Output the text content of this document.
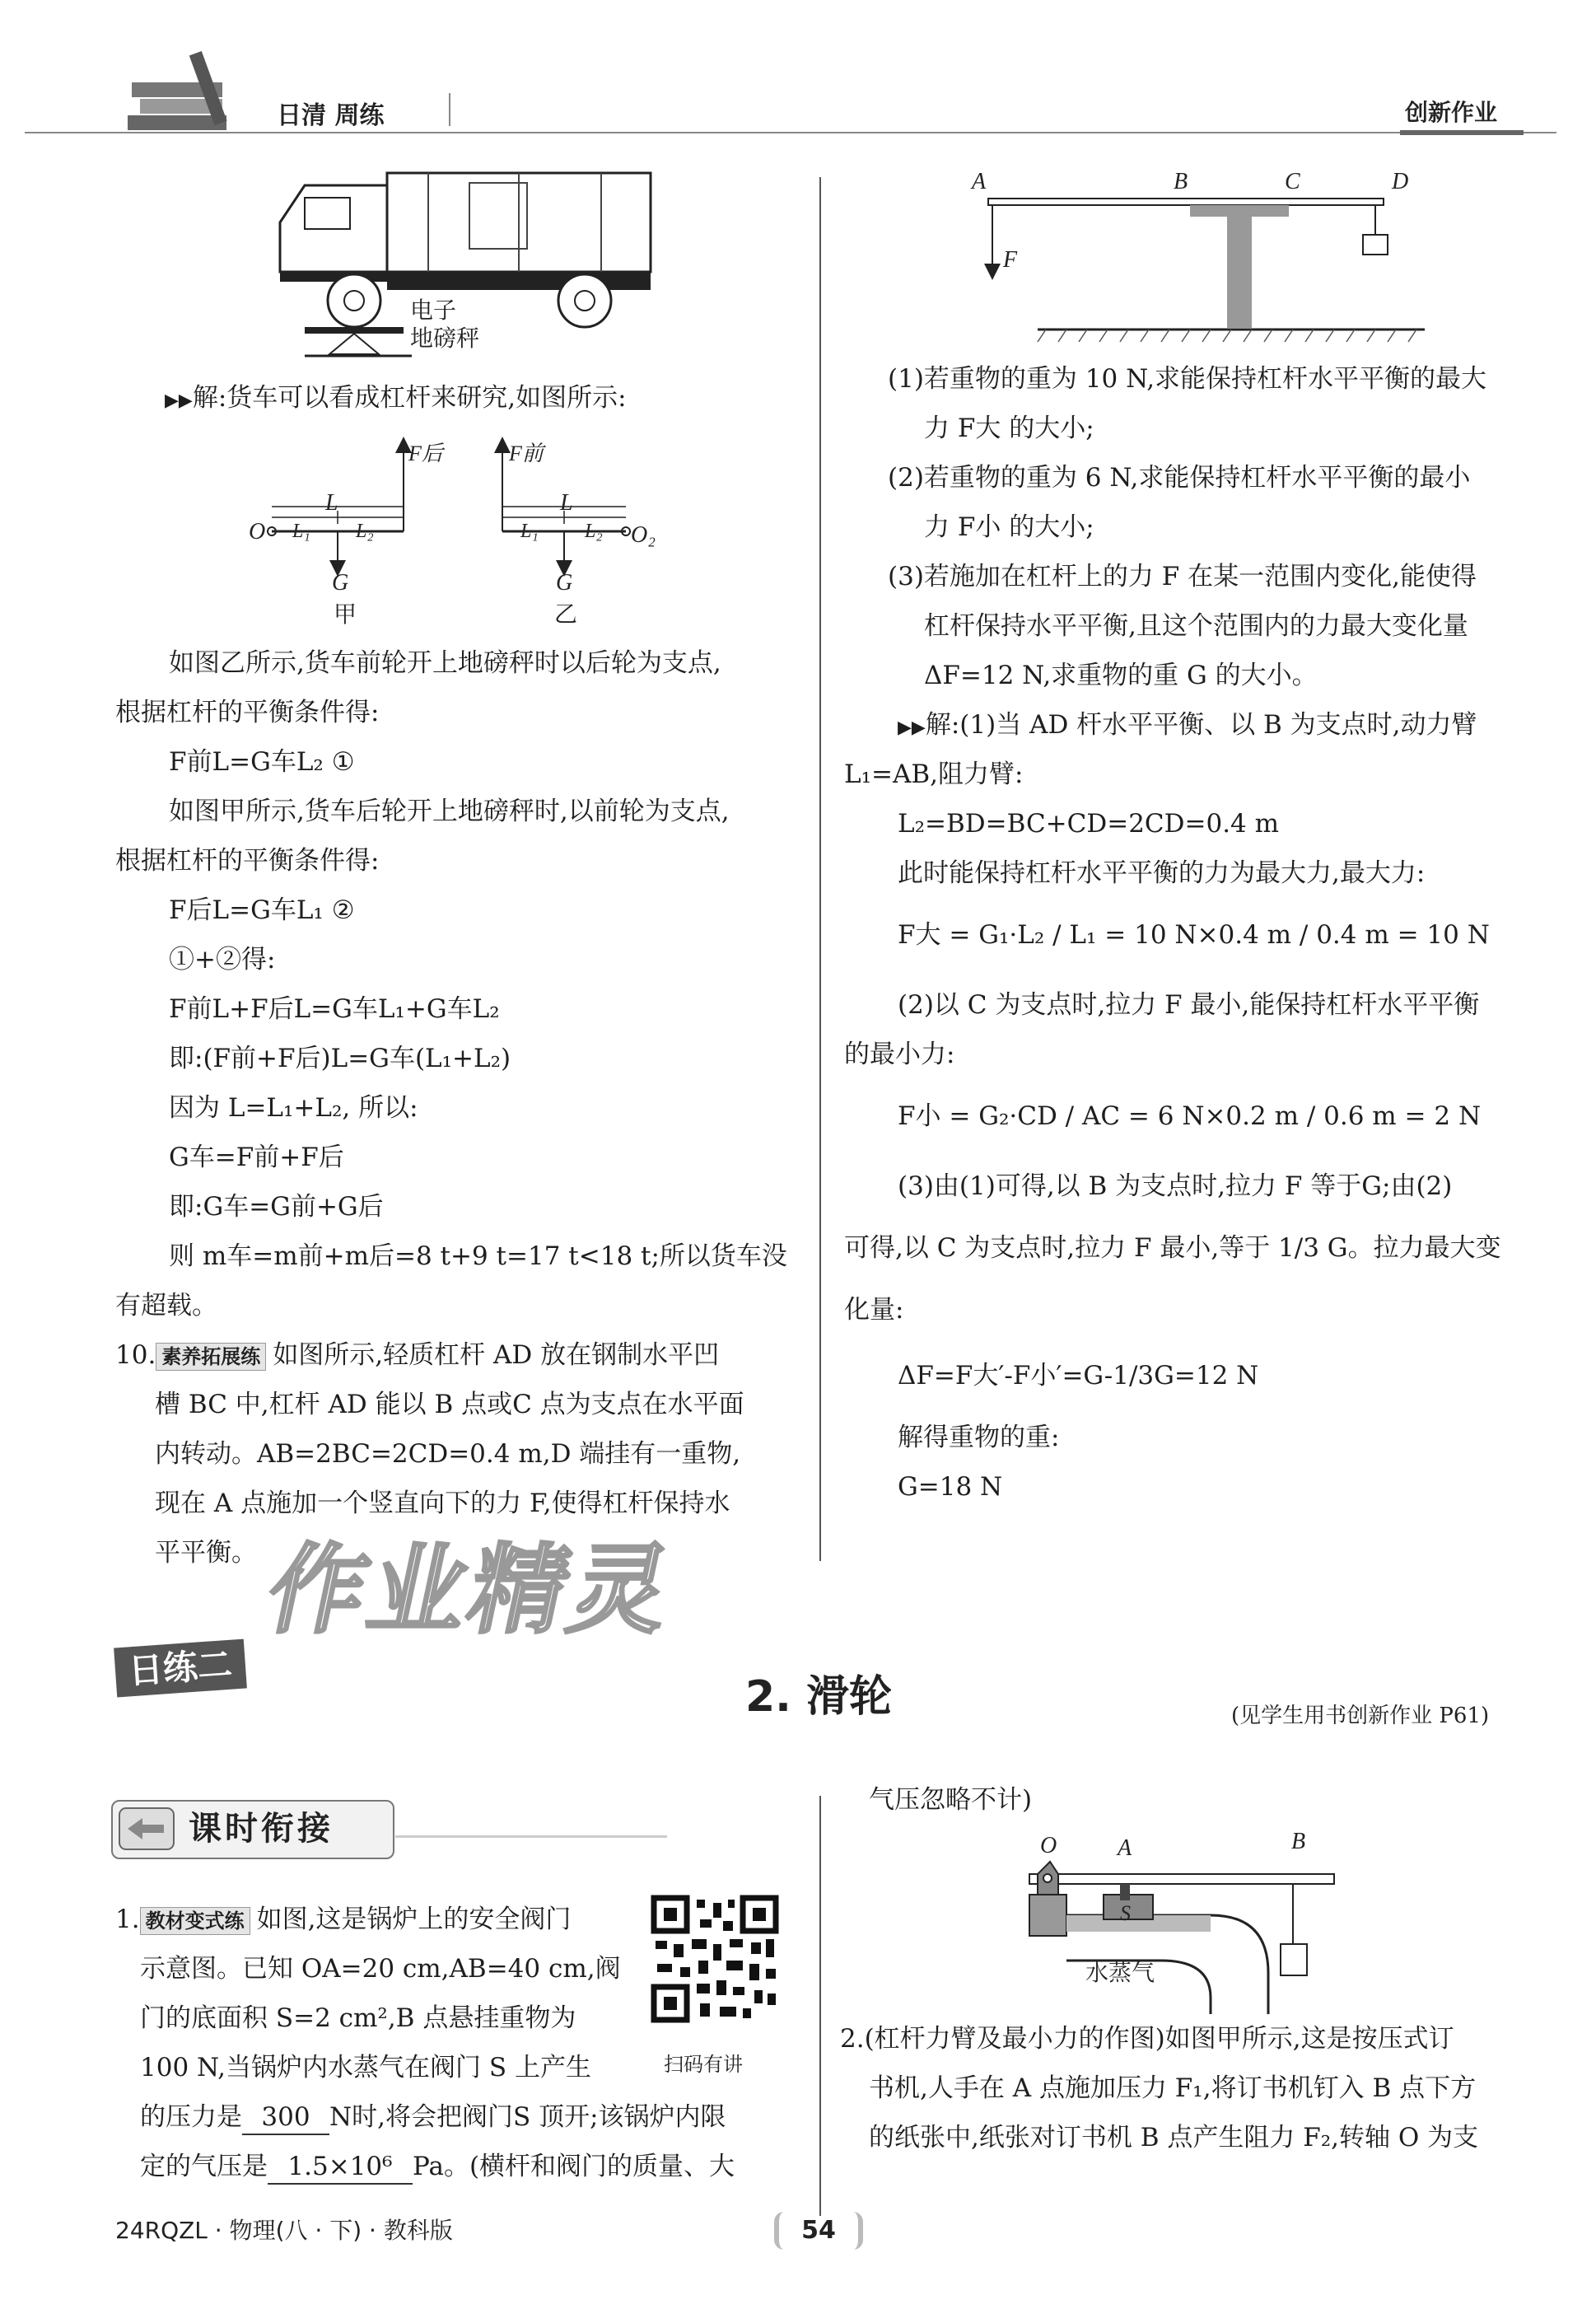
日清 周练	创新作业
电子
地磅秤
▶▶解:货车可以看成杠杆来研究,如图所示:
F后	F前
O
L
L₁ L₂
G
甲
L
L₁ L₂ O₂
G
乙
如图乙所示,货车前轮开上地磅秤时以后轮为支点,
根据杠杆的平衡条件得:
F前L=G车L₂ ①
如图甲所示,货车后轮开上地磅秤时,以前轮为支点,
根据杠杆的平衡条件得:
F后L=G车L₁ ②
①+②得:
F前L+F后L=G车L₁+G车L₂
即:(F前+F后)L=G车(L₁+L₂)
因为 L=L₁+L₂, 所以:
G车=F前+F后
即:G车=G前+G后
则 m车=m前+m后=8 t+9 t=17 t<18 t;所以货车没
有超载。
10. 素养拓展练 如图所示,轻质杠杆 AD 放在钢制水平凹
槽 BC 中,杠杆 AD 能以 B 点或C 点为支点在水平面
内转动。AB=2BC=2CD=0.4 m,D 端挂有一重物,
现在 A 点施加一个竖直向下的力 F,使得杠杆保持水
平平衡。 作业精灵
A	B	C	D
F
(1)若重物的重为 10 N,求能保持杠杆水平平衡的最大
力 F大 的大小;
(2)若重物的重为 6 N,求能保持杠杆水平平衡的最小
力 F小 的大小;
(3)若施加在杠杆上的力 F 在某一范围内变化,能使得
杠杆保持水平平衡,且这个范围内的力最大变化量
ΔF=12 N,求重物的重 G 的大小。
▶▶解:(1)当 AD 杆水平平衡、以 B 为支点时,动力臂
L₁=AB,阻力臂:
L₂=BD=BC+CD=2CD=0.4 m
此时能保持杠杆水平平衡的力为最大力,最大力:
F大 = G₁·L₂ / L₁ = 10 N×0.4 m / 0.4 m = 10 N
(2)以 C 为支点时,拉力 F 最小,能保持杠杆水平平衡
的最小力:
F小 = G₂·CD / AC = 6 N×0.2 m / 0.6 m = 2 N
(3)由(1)可得,以 B 为支点时,拉力 F 等于G;由(2)
可得,以 C 为支点时,拉力 F 最小,等于 1/3 G。拉力最大变
化量:
ΔF=F大′-F小′=G-1/3G=12 N
解得重物的重:
G=18 N
日练二
2. 滑轮	(见学生用书创新作业 P61)
课时衔接
1. 教材变式练 如图,这是锅炉上的安全阀门
示意图。已知 OA=20 cm,AB=40 cm,阀
门的底面积 S=2 cm²,B 点悬挂重物为
100 N,当锅炉内水蒸气在阀门 S 上产生
的压力是 300 N时,将会把阀门S 顶开;该锅炉内限
定的气压是 1.5×10⁶ Pa。(横杆和阀门的质量、大
气压忽略不计)
扫码有讲
O	A	B
S
水蒸气
2.(杠杆力臂及最小力的作图)如图甲所示,这是按压式订
书机,人手在 A 点施加压力 F₁,将订书机钉入 B 点下方
的纸张中,纸张对订书机 B 点产生阻力 F₂,转轴 O 为支
24RQZL · 物理(八 · 下) · 教科版	54
